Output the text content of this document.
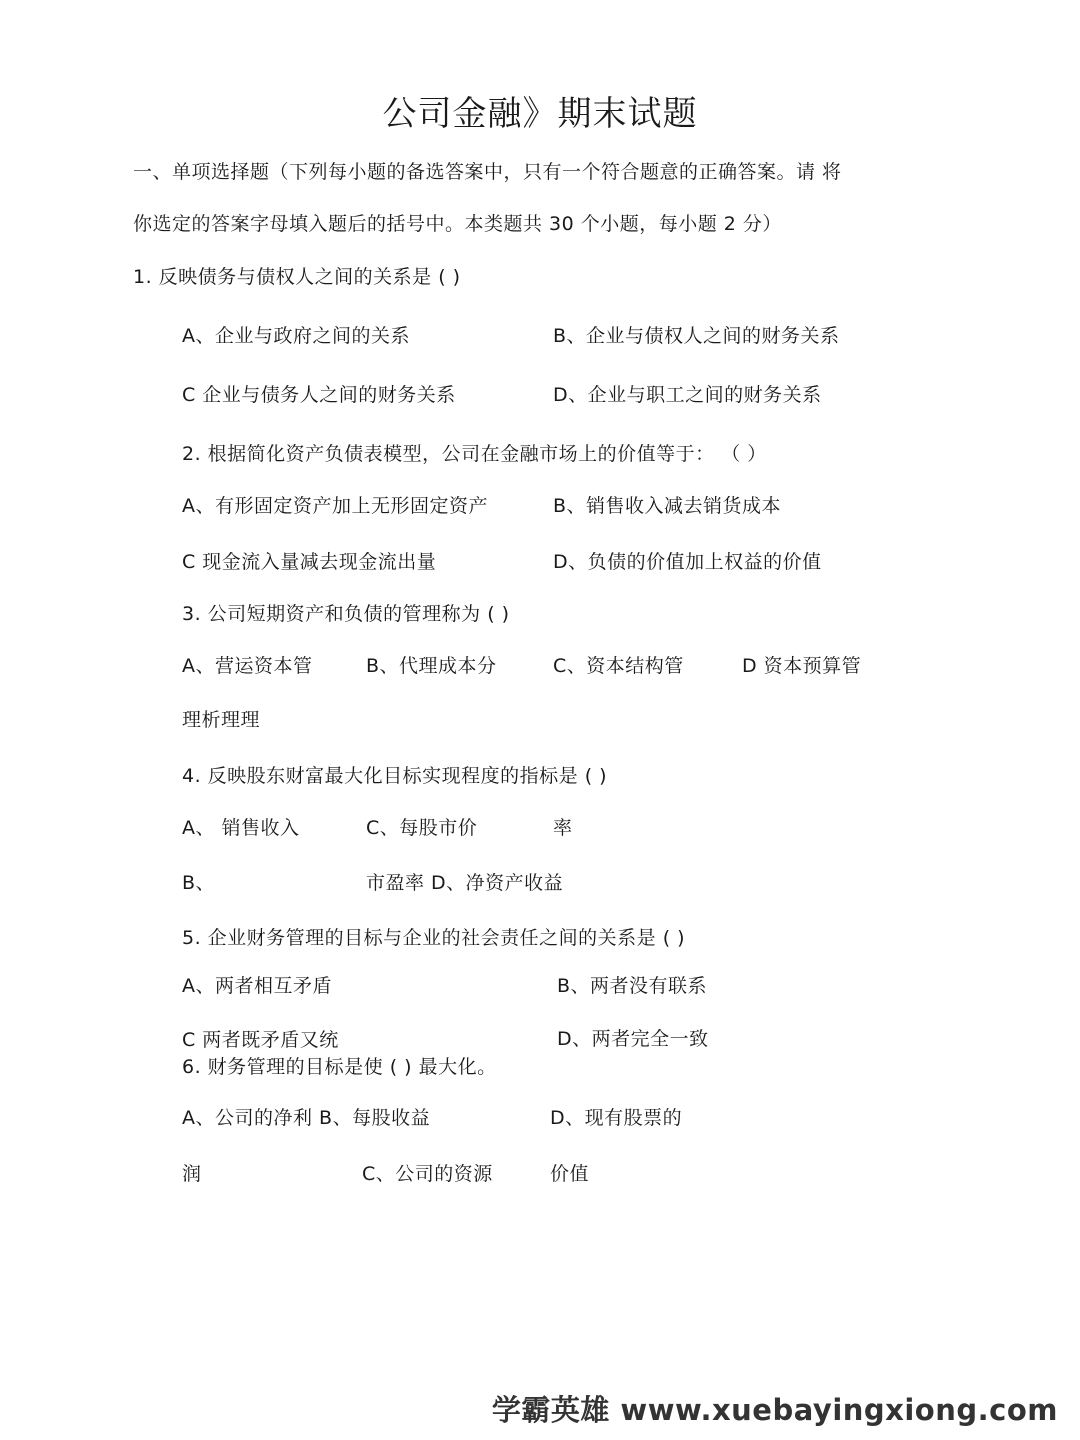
公司金融》期末试题
一、单项选择题（下列每小题的备选答案中，只有一个符合题意的正确答案。请 将
你选定的答案字母填入题后的括号中。本类题共 30 个小题，每小题 2 分）
1. 反映债务与债权人之间的关系是 ( )
A、企业与政府之间的关系	B、企业与债权人之间的财务关系
C 企业与债务人之间的财务关系	D、企业与职工之间的财务关系
2. 根据简化资产负债表模型，公司在金融市场上的价值等于： （ ）
A、有形固定资产加上无形固定资产	B、销售收入减去销货成本
C 现金流入量减去现金流出量	D、负债的价值加上权益的价值
3. 公司短期资产和负债的管理称为 ( )
A、营运资本管	B、代理成本分	C、资本结构管	D 资本预算管
理析理理
4. 反映股东财富最大化目标实现程度的指标是 ( )
A、 销售收入	C、每股市价	率
B、	市盈率 D、净资产收益
5. 企业财务管理的目标与企业的社会责任之间的关系是 ( )
A、两者相互矛盾	B、两者没有联系
C 两者既矛盾又统	D、两者完全一致
6. 财务管理的目标是使 ( ) 最大化。
A、公司的净利 B、每股收益	D、现有股票的
润	C、公司的资源	价值
学霸英雄 www.xuebayingxiong.com
